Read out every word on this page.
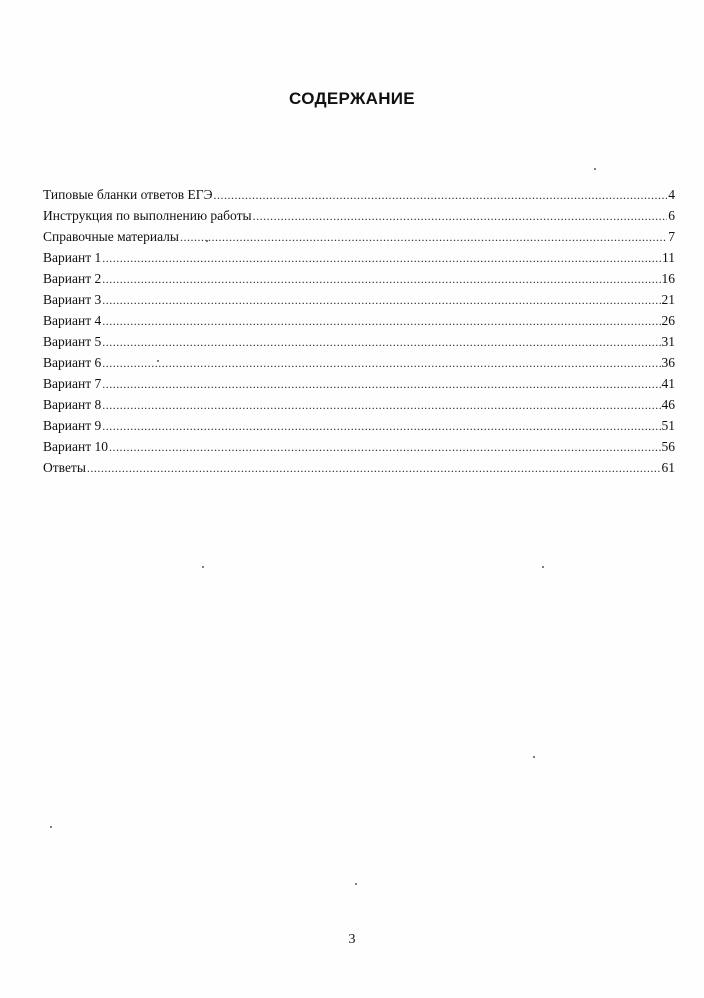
СОДЕРЖАНИЕ
Типовые бланки ответов ЕГЭ .....	4
Инструкция по выполнению работы .....	6
Справочные материалы .....	7
Вариант 1 .....	11
Вариант 2 .....	16
Вариант 3 .....	21
Вариант 4 .....	26
Вариант 5 .....	31
Вариант 6 .....	36
Вариант 7 .....	41
Вариант 8 .....	46
Вариант 9 .....	51
Вариант 10 .....	56
Ответы .....	61
3
